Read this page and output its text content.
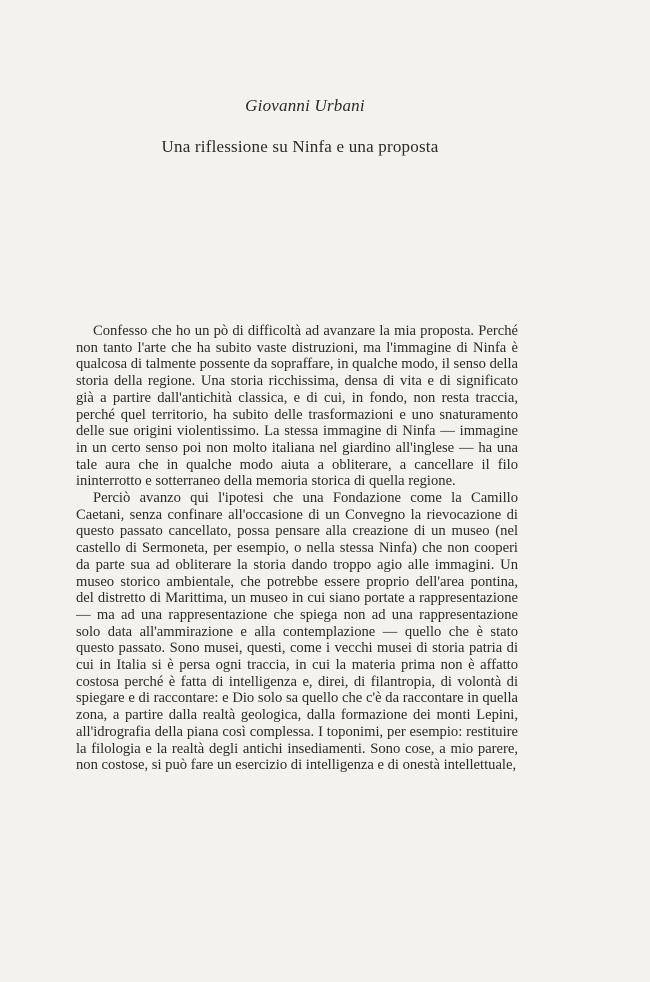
Giovanni Urbani
Una riflessione su Ninfa e una proposta

Confesso che ho un pò di difficoltà ad avanzare la mia proposta. Perché non tanto l'arte che ha subito vaste distruzioni, ma l'immagine di Ninfa è qualcosa di talmente possente da sopraffare, in qualche modo, il senso della storia della regione. Una storia ricchissima, densa di vita e di significato già a partire dall'antichità classica, e di cui, in fondo, non resta traccia, perché quel territorio, ha subito delle trasformazioni e uno snaturamento delle sue origini violentissimo. La stessa immagine di Ninfa — immagine in un certo senso poi non molto italiana nel giardino all'inglese — ha una tale aura che in qualche modo aiuta a obliterare, a cancellare il filo ininterrotto e sotterraneo della memoria storica di quella regione.

Perciò avanzo qui l'ipotesi che una Fondazione come la Camillo Caetani, senza confinare all'occasione di un Convegno la rievocazione di questo passato cancellato, possa pensare alla creazione di un museo (nel castello di Sermoneta, per esempio, o nella stessa Ninfa) che non cooperi da parte sua ad obliterare la storia dando troppo agio alle immagini. Un museo storico ambientale, che potrebbe essere proprio dell'area pontina, del distretto di Marittima, un museo in cui siano portate a rappresentazione — ma ad una rappresentazione che spiega non ad una rappresentazione solo data all'ammirazione e alla contemplazione — quello che è stato questo passato. Sono musei, questi, come i vecchi musei di storia patria di cui in Italia si è persa ogni traccia, in cui la materia prima non è affatto costosa perché è fatta di intelligenza e, direi, di filantropia, di volontà di spiegare e di raccontare: e Dio solo sa quello che c'è da raccontare in quella zona, a partire dalla realtà geologica, dalla formazione dei monti Lepini, all'idrografia della piana così complessa. I toponimi, per esempio: restituire la filologia e la realtà degli antichi insediamenti. Sono cose, a mio parere, non costose, si può fare un esercizio di intelligenza e di onestà intellettuale,
